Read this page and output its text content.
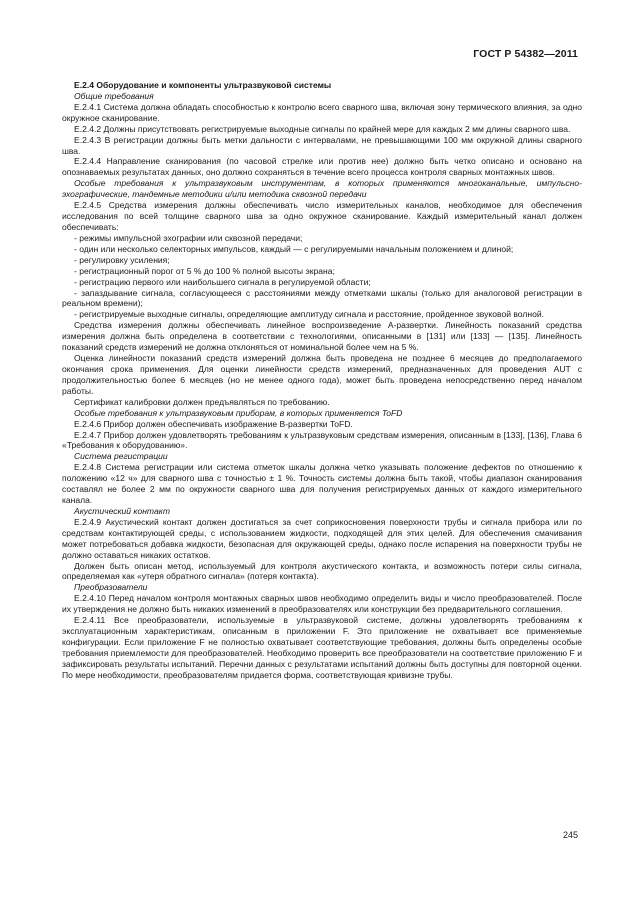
ГОСТ Р 54382—2011

E.2.4 Оборудование и компоненты ультразвуковой системы

Общие требования

E.2.4.1 Система должна обладать способностью к контролю всего сварного шва, включая зону термического влияния, за одно окружное сканирование.

E.2.4.2 Должны присутствовать регистрируемые выходные сигналы по крайней мере для каждых 2 мм длины сварного шва.

E.2.4.3 В регистрации должны быть метки дальности с интервалами, не превышающими 100 мм окружной длины сварного шва.

E.2.4.4 Направление сканирования (по часовой стрелке или против нее) должно быть четко описано и основано на опознаваемых результатах данных, оно должно сохраняться в течение всего процесса контроля сварных монтажных швов.

Особые требования к ультразвуковым инструментам, в которых применяются многоканальные, импульсно-эхографические, тандемные методики и/или методика сквозной передачи

E.2.4.5 Средства измерения должны обеспечивать число измерительных каналов, необходимое для обеспечения исследования по всей толщине сварного шва за одно окружное сканирование. Каждый измерительный канал должен обеспечивать:

- режимы импульсной эхографии или сквозной передачи;

- один или несколько селекторных импульсов, каждый — с регулируемыми начальным положением и длиной;

- регулировку усиления;

- регистрационный порог от 5 % до 100 % полной высоты экрана;

- регистрацию первого или наибольшего сигнала в регулируемой области;

- запаздывание сигнала, согласующееся с расстояниями между отметками шкалы (только для аналоговой регистрации в реальном времени);

- регистрируемые выходные сигналы, определяющие амплитуду сигнала и расстояние, пройденное звуковой волной.

Средства измерения должны обеспечивать линейное воспроизведение A-развертки. Линейность показаний средства измерения должна быть определена в соответствии с технологиями, описанными в [131] или [133] — [135]. Линейность показаний средств измерений не должна отклоняться от номинальной более чем на 5 %.

Оценка линейности показаний средств измерений должна быть проведена не позднее 6 месяцев до предполагаемого окончания срока применения. Для оценки линейности средств измерений, предназначенных для проведения AUT с продолжительностью более 6 месяцев (но не менее одного года), может быть проведена непосредственно перед началом работы.

Сертификат калибровки должен предъявляться по требованию.

Особые требования к ультразвуковым приборам, в которых применяется ToFD

E.2.4.6 Прибор должен обеспечивать изображение B-развертки ToFD.

E.2.4.7 Прибор должен удовлетворять требованиям к ультразвуковым средствам измерения, описанным в [133], [136], Глава 6 «Требования к оборудованию».

Система регистрации

E.2.4.8 Система регистрации или система отметок шкалы должна четко указывать положение дефектов по отношению к положению «12 ч» для сварного шва с точностью ± 1 %. Точность системы должна быть такой, чтобы диапазон сканирования составлял не более 2 мм по окружности сварного шва для получения регистрируемых данных от каждого измерительного канала.

Акустический контакт

E.2.4.9 Акустический контакт должен достигаться за счет соприкосновения поверхности трубы и сигнала прибора или по средствам контактирующей среды, с использованием жидкости, подходящей для этих целей. Для обеспечения смачивания может потребоваться добавка жидкости, безопасная для окружающей среды, однако после испарения на поверхности трубы не должно оставаться никаких остатков.

Должен быть описан метод, используемый для контроля акустического контакта, и возможность потери силы сигнала, определяемая как «утеря обратного сигнала» (потеря контакта).

Преобразователи

E.2.4.10 Перед началом контроля монтажных сварных швов необходимо определить виды и число преобразователей. После их утверждения не должно быть никаких изменений в преобразователях или конструкции без предварительного соглашения.

E.2.4.11 Все преобразователи, используемые в ультразвуковой системе, должны удовлетворять требованиям к эксплуатационным характеристикам, описанным в приложении F. Это приложение не охватывает все применяемые конфигурации. Если приложение F не полностью охватывает соответствующие требования, должны быть определены особые требования приемлемости для преобразователей. Необходимо проверить все преобразователи на соответствие приложению F и зафиксировать результаты испытаний. Перечни данных с результатами испытаний должны быть доступны для повторной оценки. По мере необходимости, преобразователям придается форма, соответствующая кривизне трубы.

245
